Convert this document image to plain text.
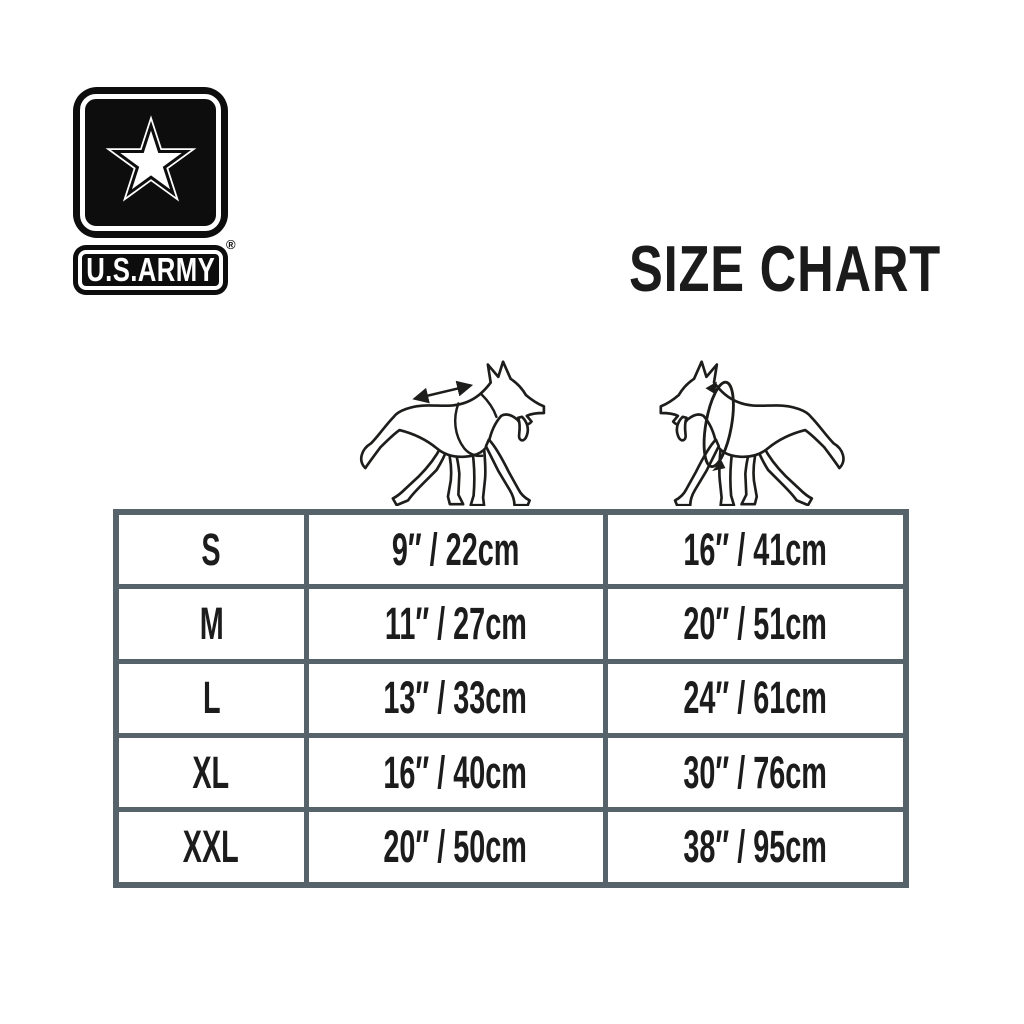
U.S.ARMY
®	SIZE CHART
S	9″ / 22cm	16″ / 41cm
M	11″ / 27cm	20″ / 51cm
L	13″ / 33cm	24″ / 61cm
XL	16″ / 40cm	30″ / 76cm
XXL	20″ / 50cm	38″ / 95cm
